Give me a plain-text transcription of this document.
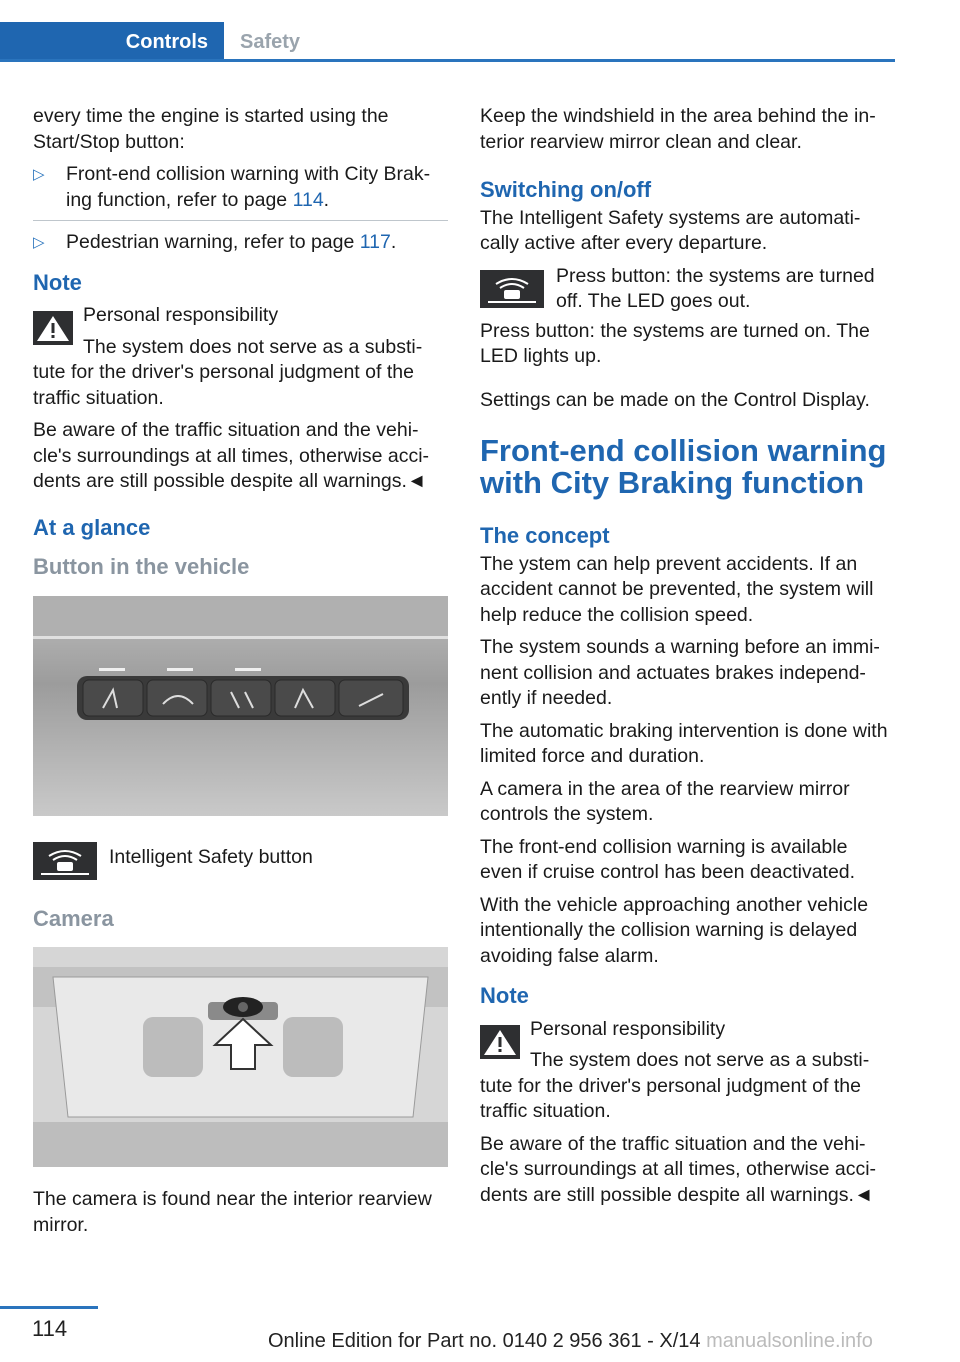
Controls	Safety

every time the engine is started using the Start/Stop button:

▷ Front-end collision warning with City Brak‐ing function, refer to page 114.
▷ Pedestrian warning, refer to page 117.
Note
Personal responsibility
The system does not serve as a substi‐tute for the driver's personal judgment of the traffic situation.

Be aware of the traffic situation and the vehi‐cle's surroundings at all times, otherwise acci‐dents are still possible despite all warnings.◄

At a glance
Button in the vehicle
Intelligent Safety button
Camera

The camera is found near the interior rearview mirror.

Keep the windshield in the area behind the in‐terior rearview mirror clean and clear.

Switching on/off

The Intelligent Safety systems are automati‐cally active after every departure.

Press button: the systems are turned off. The LED goes out.

Press button: the systems are turned on. The LED lights up.

Settings can be made on the Control Display.

Front-end collision warning with City Braking function
The concept

The ystem can help prevent accidents. If an accident cannot be prevented, the system will help reduce the collision speed.

The system sounds a warning before an immi‐nent collision and actuates brakes independ‐ently if needed.

The automatic braking intervention is done with limited force and duration.

A camera in the area of the rearview mirror controls the system.

The front-end collision warning is available even if cruise control has been deactivated.

With the vehicle approaching another vehicle intentionally the collision warning is delayed avoiding false alarm.

Note
Personal responsibility
The system does not serve as a substi‐tute for the driver's personal judgment of the traffic situation.

Be aware of the traffic situation and the vehi‐cle's surroundings at all times, otherwise acci‐dents are still possible despite all warnings.◄

114	Online Edition for Part no. 0140 2 956 361 - X/14 manualsonline.info
